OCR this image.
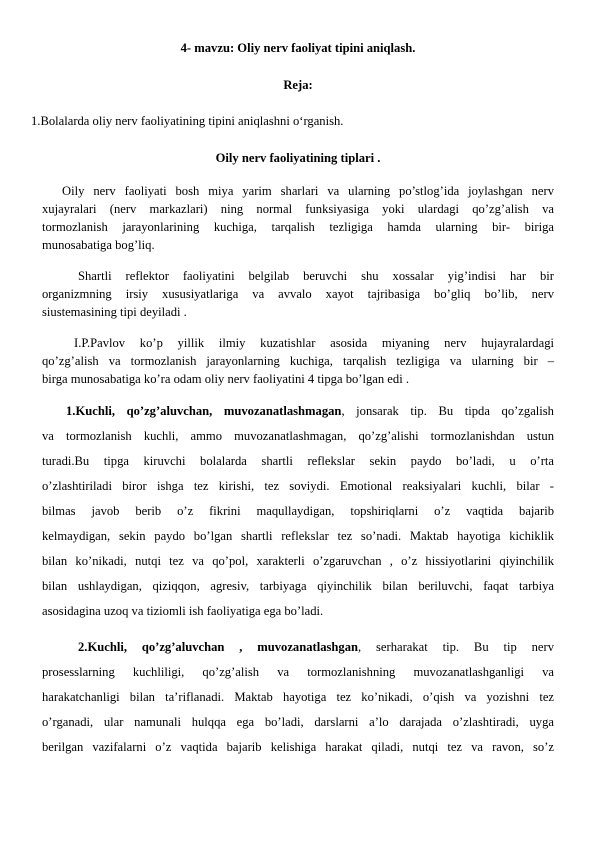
4- mavzu: Oliy nerv faoliyat tipini aniqlash.

Reja:

1.Bolalarda oliy nerv faoliyatining tipini aniqlashni o‘rganish.

Oily nerv faoliyatining tiplari .

Oily nerv faoliyati bosh miya yarim sharlari va ularning po’stlog’ida joylashgan nerv

xujayralari (nerv markazlari) ning normal funksiyasiga yoki ulardagi qo’zg’alish va

tormozlanish jarayonlarining kuchiga, tarqalish tezligiga hamda ularning bir- biriga

munosabatiga bog’liq.

Shartli reflektor faoliyatini belgilab beruvchi shu xossalar yig’indisi har bir

organizmning irsiy xususiyatlariga va avvalo xayot tajribasiga bo’gliq bo’lib, nerv

siustemasining tipi deyiladi .

I.P.Pavlov ko’p yillik ilmiy kuzatishlar asosida miyaning nerv hujayralardagi

qo’zg’alish va tormozlanish jarayonlarning kuchiga, tarqalish tezligiga va ularning bir –

birga munosabatiga ko’ra odam oliy nerv faoliyatini 4 tipga bo’lgan edi .

1.Kuchli, qo’zg’aluvchan, muvozanatlashmagan, jonsarak tip. Bu tipda qo’zgalish

va tormozlanish kuchli, ammo muvozanatlashmagan, qo’zg’alishi tormozlanishdan ustun

turadi.Bu tipga kiruvchi bolalarda shartli reflekslar sekin paydo bo’ladi, u o’rta

o’zlashtiriladi biror ishga tez kirishi, tez soviydi. Emotional reaksiyalari kuchli, bilar -

bilmas javob berib o’z fikrini maqullaydigan, topshiriqlarni o’z vaqtida bajarib

kelmaydigan, sekin paydo bo’lgan shartli reflekslar tez so’nadi. Maktab hayotiga kichiklik

bilan ko’nikadi, nutqi tez va qo’pol, xarakterli o’zgaruvchan , o’z hissiyotlarini qiyinchilik

bilan ushlaydigan, qiziqqon, agresiv, tarbiyaga qiyinchilik bilan beriluvchi, faqat tarbiya

asosidagina uzoq va tiziomli ish faoliyatiga ega bo’ladi.

2.Kuchli, qo’zg’aluvchan , muvozanatlashgan, serharakat tip. Bu tip nerv

prosesslarning kuchliligi, qo’zg’alish va tormozlanishning muvozanatlashganligi va

harakatchanligi bilan ta’riflanadi. Maktab hayotiga tez ko’nikadi, o’qish va yozishni tez

o’rganadi, ular namunali hulqqa ega bo’ladi, darslarni a’lo darajada o’zlashtiradi, uyga

berilgan vazifalarni o’z vaqtida bajarib kelishiga harakat qiladi, nutqi tez va ravon, so’z
